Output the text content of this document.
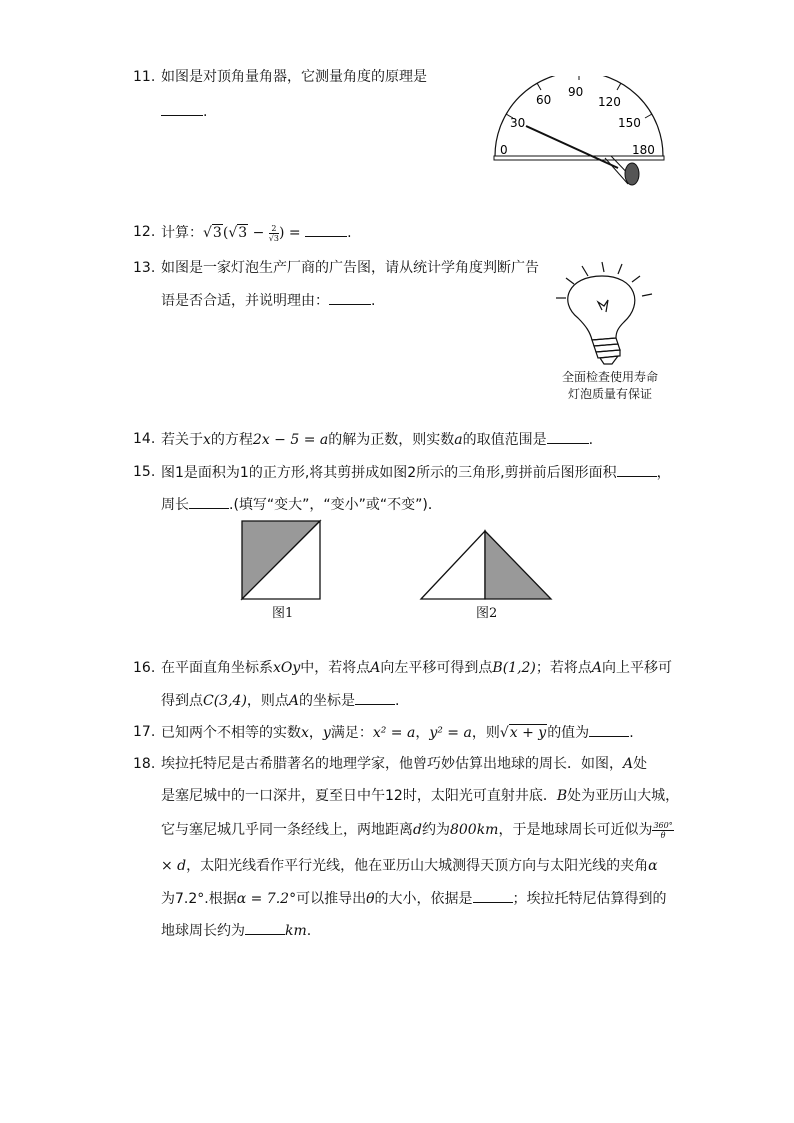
11. 如图是对顶角量角器，它测量角度的原理是
.
0
30
60
90
120
150
180
12. 计算：$√3(√3 - \frac{2}{√3}$ ) =	.
13. 如图是一家灯泡生产厂商的广告图，请从统计学角度判断广告
语是否合适，并说明理由：	.
全面检查使用寿命
灯泡质量有保证
14. 若关于x的方程2x − 5 = a的解为正数，则实数a的取值范围是	.
15. 图1是面积为1的正方形,将其剪拼成如图2所示的三角形,剪拼前后图形面积	，
周长	.(填写“变大”，“变小”或“不变”)．
图1	图2
16. 在平面直角坐标系xOy中，若将点A向左平移可得到点B(1,2)；若将点A向上平移可
得到点C(3,4)，则点A的坐标是	.
17. 已知两个不相等的实数x，y满足：x² = a，y² = a，则√x + y的值为	.
18. 埃拉托特尼是古希腊著名的地理学家，他曾巧妙估算出地球的周长．如图，A处
是塞尼城中的一口深井，夏至日中午12时，太阳光可直射井底．B处为亚历山大城，
它与塞尼城几乎同一条经线上，两地距离d约为800km，于是地球周长可近似为 $\frac{360^\circ}{\theta}$
× d，太阳光线看作平行光线，他在亚历山大城测得天顶方向与太阳光线的夹角α
为7.2°.根据α = 7.2°可以推导出θ的大小，依据是	；埃拉托特尼估算得到的
地球周长约为	km.
